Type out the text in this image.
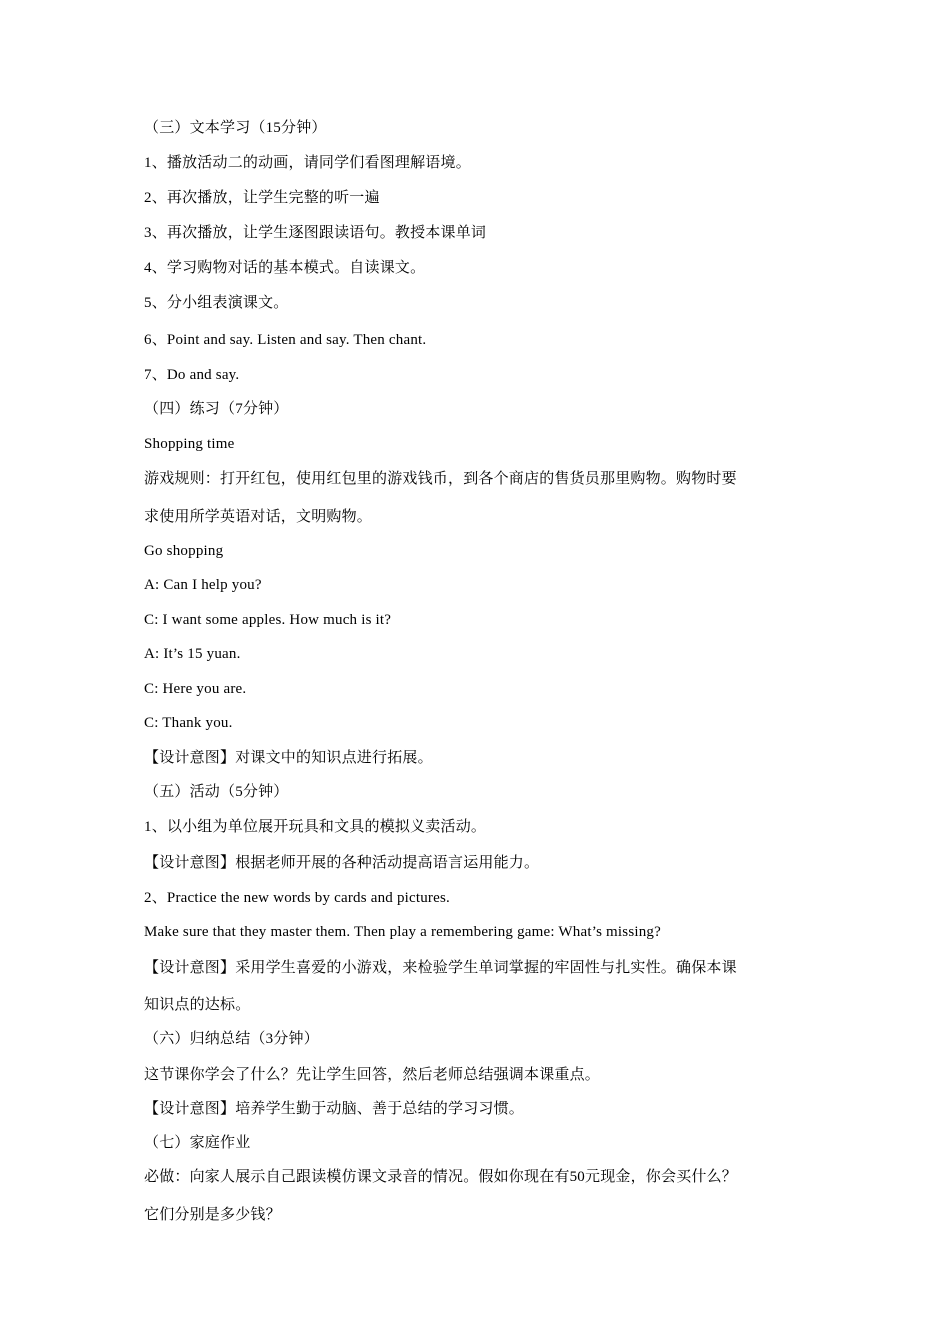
（三）文本学习（15分钟）
1、播放活动二的动画，请同学们看图理解语境。
2、再次播放，让学生完整的听一遍
3、再次播放，让学生逐图跟读语句。教授本课单词
4、学习购物对话的基本模式。自读课文。
5、分小组表演课文。
6、Point and say. Listen and say. Then chant.
7、Do and say.
（四）练习（7分钟）
Shopping time
游戏规则：打开红包，使用红包里的游戏钱币，到各个商店的售货员那里购物。购物时要
求使用所学英语对话，文明购物。
Go shopping
A: Can I help you?
C: I want some apples. How much is it?
A: It’s 15 yuan.
C: Here you are.
C: Thank you.
【设计意图】对课文中的知识点进行拓展。
（五）活动（5分钟）
1、以小组为单位展开玩具和文具的模拟义卖活动。
【设计意图】根据老师开展的各种活动提高语言运用能力。
2、Practice the new words by cards and pictures.
Make sure that they master them. Then play a remembering game: What’s missing?
【设计意图】采用学生喜爱的小游戏，来检验学生单词掌握的牢固性与扎实性。确保本课
知识点的达标。
（六）归纳总结（3分钟）
这节课你学会了什么？先让学生回答，然后老师总结强调本课重点。
【设计意图】培养学生勤于动脑、善于总结的学习习惯。
（七）家庭作业
必做：向家人展示自己跟读模仿课文录音的情况。假如你现在有50元现金，你会买什么？
它们分别是多少钱？
